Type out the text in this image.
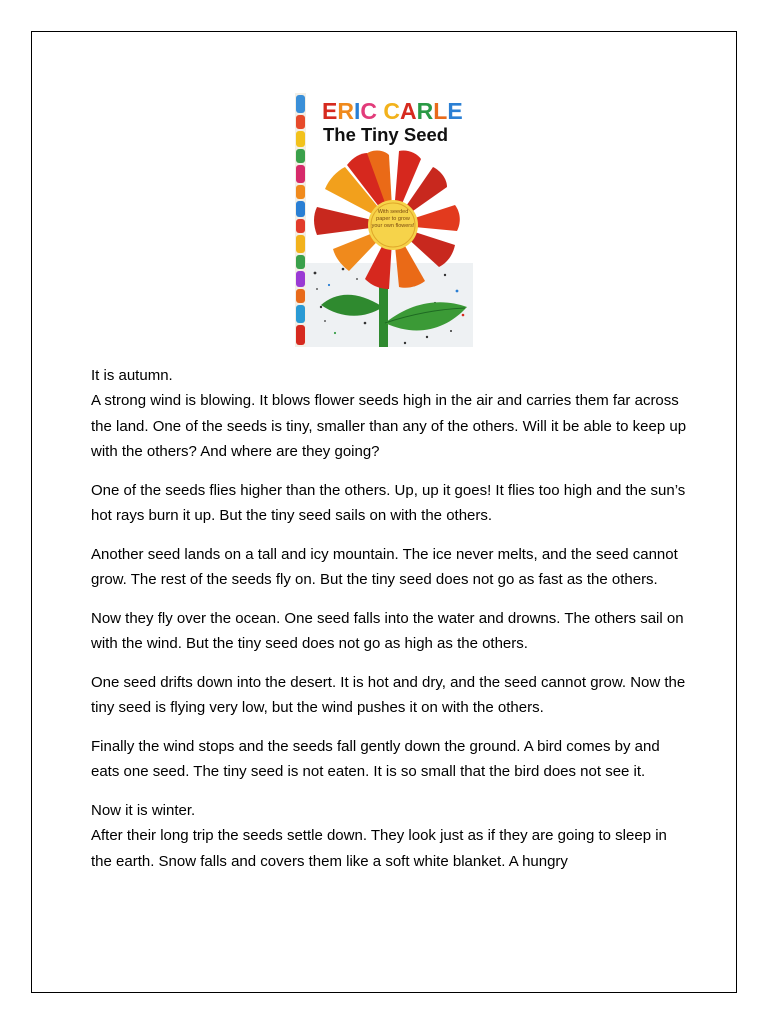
ERIC CARLE
The Tiny Seed
With seeded paper to grow your own flowers!

It is autumn.
A strong wind is blowing. It blows flower seeds high in the air and carries them far across the land. One of the seeds is tiny, smaller than any of the others. Will it be able to keep up with the others? And where are they going?

One of the seeds flies higher than the others. Up, up it goes! It flies too high and the sun’s hot rays burn it up. But the tiny seed sails on with the others.

Another seed lands on a tall and icy mountain. The ice never melts, and the seed cannot grow. The rest of the seeds fly on. But the tiny seed does not go as fast as the others.

Now they fly over the ocean. One seed falls into the water and drowns. The others sail on with the wind. But the tiny seed does not go as high as the others.

One seed drifts down into the desert. It is hot and dry, and the seed cannot grow. Now the tiny seed is flying very low, but the wind pushes it on with the others.

Finally the wind stops and the seeds fall gently down the ground. A bird comes by and eats one seed. The tiny seed is not eaten. It is so small that the bird does not see it.

Now it is winter.
After their long trip the seeds settle down. They look just as if they are going to sleep in the earth. Snow falls and covers them like a soft white blanket. A hungry
